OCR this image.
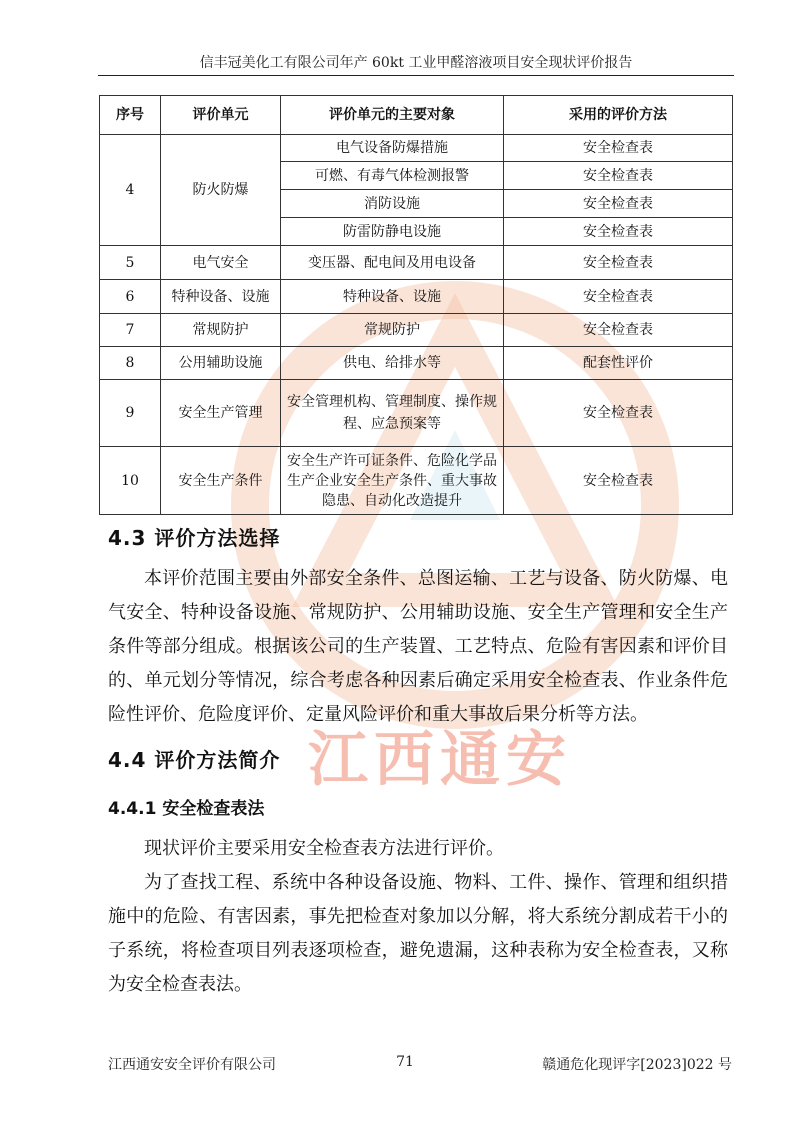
江西通安
信丰冠美化工有限公司年产 60kt 工业甲醛溶液项目安全现状评价报告
序号	评价单元	评价单元的主要对象	采用的评价方法
4	防火防爆	电气设备防爆措施	安全检查表
		可燃、有毒气体检测报警	安全检查表
		消防设施	安全检查表
		防雷防静电设施	安全检查表
5	电气安全	变压器、配电间及用电设备	安全检查表
6	特种设备、设施	特种设备、设施	安全检查表
7	常规防护	常规防护	安全检查表
8	公用辅助设施	供电、给排水等	配套性评价
9	安全生产管理	安全管理机构、管理制度、操作规程、应急预案等	安全检查表
10	安全生产条件	安全生产许可证条件、危险化学品生产企业安全生产条件、重大事故隐患、自动化改造提升	安全检查表
4.3 评价方法选择

本评价范围主要由外部安全条件、总图运输、工艺与设备、防火防爆、电气安全、特种设备设施、常规防护、公用辅助设施、安全生产管理和安全生产条件等部分组成。根据该公司的生产装置、工艺特点、危险有害因素和评价目的、单元划分等情况，综合考虑各种因素后确定采用安全检查表、作业条件危险性评价、危险度评价、定量风险评价和重大事故后果分析等方法。

4.4 评价方法简介
4.4.1 安全检查表法

现状评价主要采用安全检查表方法进行评价。

为了查找工程、系统中各种设备设施、物料、工件、操作、管理和组织措施中的危险、有害因素，事先把检查对象加以分解，将大系统分割成若干小的子系统，将检查项目列表逐项检查，避免遗漏，这种表称为安全检查表，又称为安全检查表法。

江西通安安全评价有限公司	71	赣通危化现评字[2023]022 号
